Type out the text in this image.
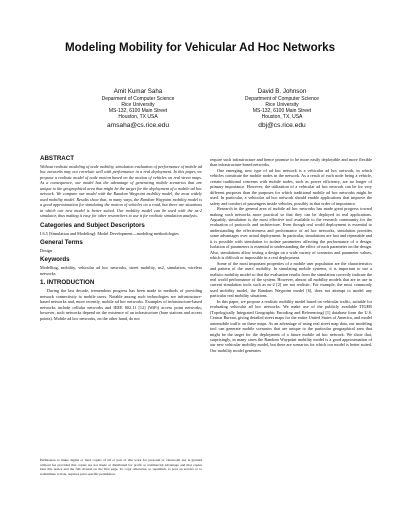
Modeling Mobility for Vehicular Ad Hoc Networks
Amit Kumar Saha
Deparment of Computer Science
Rice University
MS-132, 6100 Main Street
Houston, TX USA
amsaha@cs.rice.edu
David B. Johnson
Department of Computer Science
Rice University
MS-132, 6100 Main Street
Houston, TX, USA
dbj@cs.rice.edu
ABSTRACT

Without realistic modeling of node mobility, simulation evaluation of performance of mobile ad hoc networks may not correlate well with performance in a real deployment. In this paper, we propose a realistic model of node motion based on the motion of vehicles on real street maps. As a consequence, our model has the advantage of generating mobile scenarios that are unique to the geographical area that might be the target for the deployment of a mobile ad hoc network. We compare our model with the Random Waypoint mobility model, the most widely used mobility model. Results show that, in many ways, the Random Waypoint mobility model is a good approximation for simulating the motion of vehicles on a road, but there are situations in which our new model is better suited. Our mobility model can be used with the ns-2 simulator, thus making it easy for other researchers to use it for realistic simulation analysis.

Categories and Subject Descriptors

I.6.5 [Simulation and Modeling]: Model Development—modeling methodologies

General Terms

Design

Keywords

Modelling, mobility, vehicular ad hoc networks, street mobility, ns2, simulation, wireless networks

1. INTRODUCTION

During the last decade, tremendous progress has been made in methods of providing network connectivity to mobile users. Notable among such technologies are infrastructure-based networks and, more recently, mobile ad hoc networks. Examples of infrastructure-based networks include cellular networks and IEEE 802.11 [12] (WiFi) access point networks; however, such networks depend on the existence of an infrastructure (base stations and access points). Mobile ad hoc networks, on the other hand, do not

Permission to make digital or hard copies of all or part of this work for personal or classroom use is granted without fee provided that copies are not made or distributed for profit or commercial advantage and that copies bear this notice and the full citation on the first page. To copy otherwise, to republish, to post on servers or to redistribute to lists, requires prior specific permission.

require such infrastructure and hence promise to be more easily deployable and more flexible than infrastructure-based networks.

One emerging, new type of ad hoc network is a vehicular ad hoc network, in which vehicles constitute the mobile nodes in the network. As a result of each node being a vehicle, certain traditional concerns with mobile nodes, such as power efficiency, are no longer of primary importance. However, the utilization of a vehicular ad hoc network can be for very different purposes than the purposes for which traditional mobile ad hoc networks might be used. In particular, a vehicular ad hoc network should enable applications that improve the safety and comfort of passengers inside vehicles, possibly in that order of importance.

Research in the general area of mobile ad hoc networks has made great progress toward making such networks more practical so that they can be deployed in real applications. Arguably, simulation is the most effective tool available to the research community for the evaluation of protocols and architecture. Even though real world deployment is essential to understanding the effectiveness and performance of ad hoc networks, simulation provides some advantages over actual deployment. In particular, simulations are fast and repeatable and it is possible with simulation to isolate parameters affecting the performance of a design. Isolation of parameters is essential to understanding the effect of each parameter on the design. Also, simulations allow testing a design on a wide variety of scenarios and parameter values, which is difficult or impossible in a real deployment.

Some of the most important properties of a mobile user population are the characteristics and pattern of the users' mobility. In simulating mobile systems, it is important to use a realistic mobility model so that the evaluation results from the simulation correctly indicate the real world performance of the system. However, almost all mobility models that are in use in current simulation tools such as ns-2 [2] are not realistic. For example, the most commonly used mobility model, the Random Waypoint model [6], does not attempt to model any particular real mobility situations.

In this paper, we propose a realistic mobility model based on vehicular traffic, suitable for evaluating vehicular ad hoc networks. We make use of the publicly available TIGER (Topologically Integrated Geographic Encoding and Referencing) [1] database from the U.S. Census Bureau, giving detailed street maps for the entire United States of America, and model automobile traffic on these maps. As an advantage of using real street map data, our modeling tool can generate mobile scenarios that are unique to the particular geographical area that might be the target for the deployment of a future mobile ad hoc network. We show that, surprisingly, in many cases the Random Waypoint mobility model is a good approximation of our new vehicular mobility model, but there are scenarios for which our model is better suited. Our mobility model generates
